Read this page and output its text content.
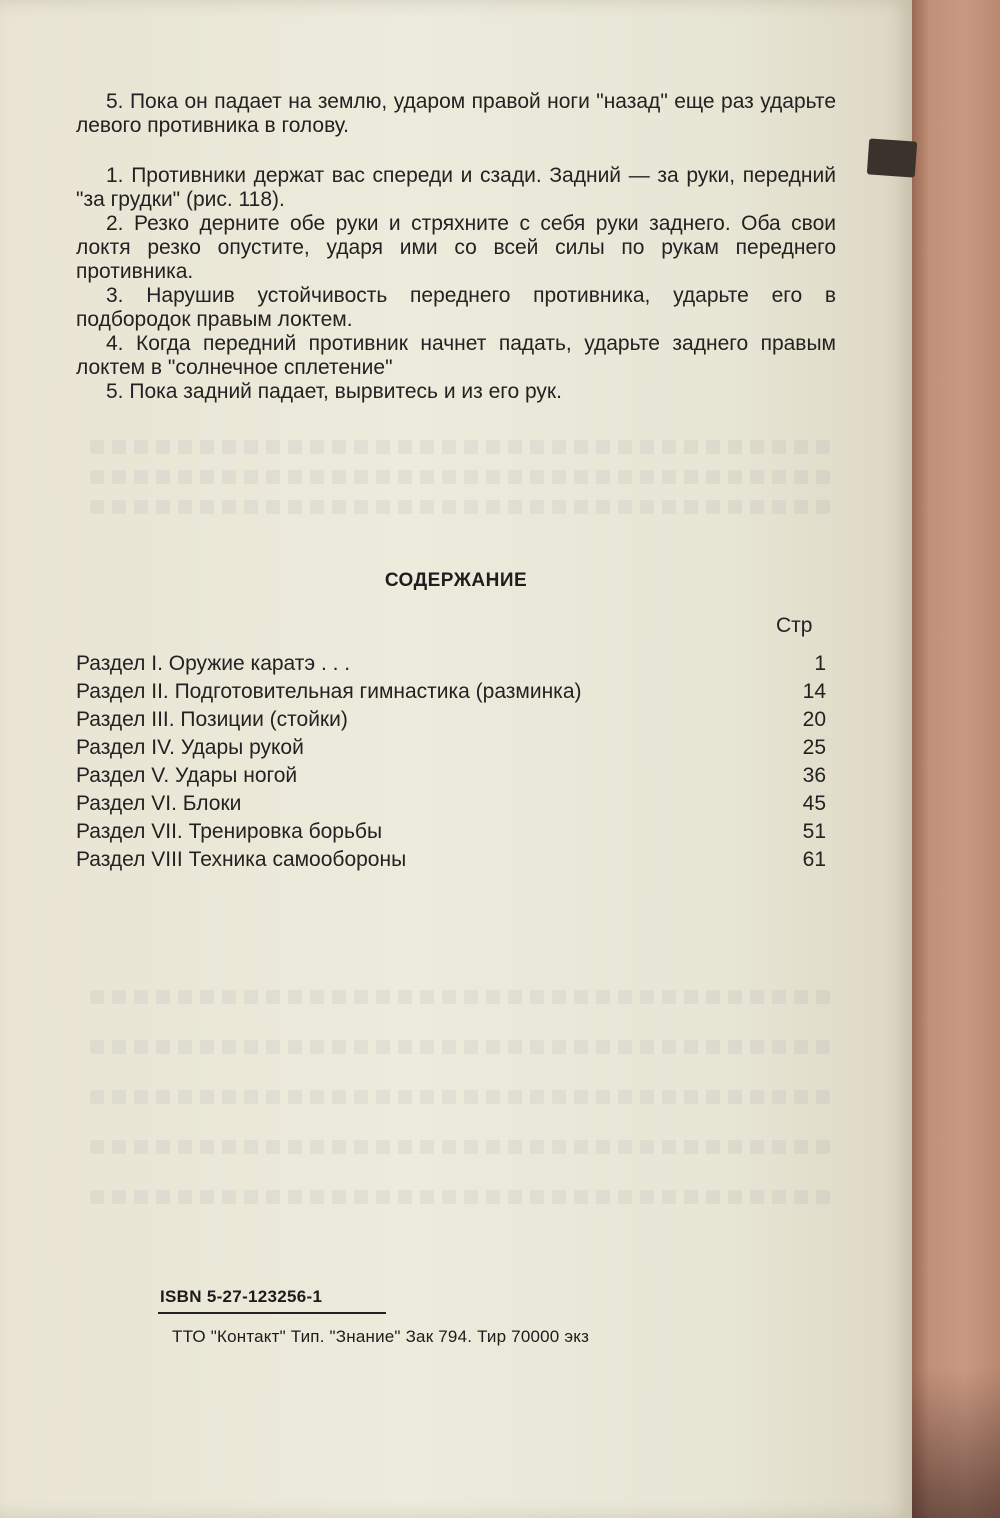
5. Пока он падает на землю, ударом правой ноги "назад" еще раз ударьте левого противника в голову.

1. Противники держат вас спереди и сзади. Задний — за руки, передний "за грудки" (рис. 118).

2. Резко дерните обе руки и стряхните с себя руки заднего. Оба свои локтя резко опустите, ударя ими со всей силы по рукам переднего противника.

3. Нарушив устойчивость переднего противника, ударьте его в подбородок правым локтем.

4. Когда передний противник начнет падать, ударьте заднего правым локтем в "солнечное сплетение"

5. Пока задний падает, вырвитесь и из его рук.

СОДЕРЖАНИЕ
Стр
Раздел I. Оружие каратэ . . .	1
Раздел II. Подготовительная гимнастика (разминка)	14
Раздел III. Позиции (стойки)	20
Раздел IV. Удары рукой	25
Раздел V. Удары ногой	36
Раздел VI. Блоки	45
Раздел VII. Тренировка борьбы	51
Раздел VIII Техника самообороны	61
ISBN 5-27-123256-1
ТТО "Контакт" Тип. "Знание" Зак 794. Тир 70000 экз
